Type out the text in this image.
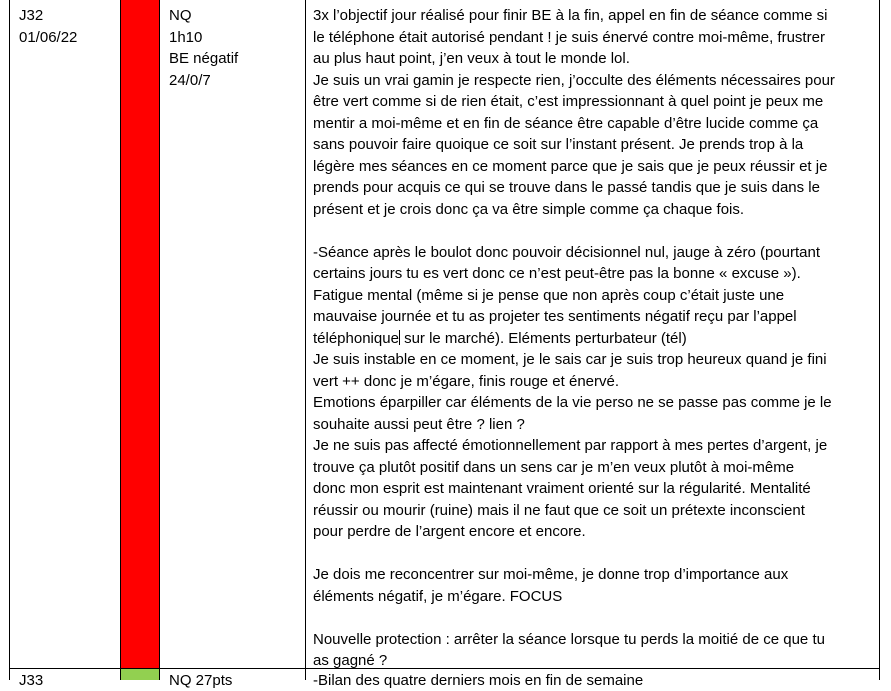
J32
01/06/22
NQ
1h10
BE négatif
24/0/7
3x l’objectif jour réalisé pour finir BE à la fin, appel en fin de séance comme si
le téléphone était autorisé pendant ! je suis énervé contre moi-même, frustrer
au plus haut point, j’en veux à tout le monde lol.
Je suis un vrai gamin je respecte rien, j’occulte des éléments nécessaires pour
être vert comme si de rien était, c’est impressionnant à quel point je peux me
mentir a moi-même et en fin de séance être capable d’être lucide comme ça
sans pouvoir faire quoique ce soit sur l’instant présent. Je prends trop à la
légère mes séances en ce moment parce que je sais que je peux réussir et je
prends pour acquis ce qui se trouve dans le passé tandis que je suis dans le
présent et je crois donc ça va être simple comme ça chaque fois.
-Séance après le boulot donc pouvoir décisionnel nul, jauge à zéro (pourtant
certains jours tu es vert donc ce n’est peut-être pas la bonne « excuse »).
Fatigue mental (même si je pense que non après coup c’était juste une
mauvaise journée et tu as projeter tes sentiments négatif reçu par l’appel
téléphonique sur le marché). Eléments perturbateur (tél)
Je suis instable en ce moment, je le sais car je suis trop heureux quand je fini
vert ++ donc je m’égare, finis rouge et énervé.
Emotions éparpiller car éléments de la vie perso ne se passe pas comme je le
souhaite aussi peut être ? lien ?
Je ne suis pas affecté émotionnellement par rapport à mes pertes d’argent, je
trouve ça plutôt positif dans un sens car je m’en veux plutôt à moi-même
donc mon esprit est maintenant vraiment orienté sur la régularité. Mentalité
réussir ou mourir (ruine) mais il ne faut que ce soit un prétexte inconscient
pour perdre de l’argent encore et encore.
Je dois me reconcentrer sur moi-même, je donne trop d’importance aux
éléments négatif, je m’égare. FOCUS
Nouvelle protection : arrêter la séance lorsque tu perds la moitié de ce que tu
as gagné ?
J33	NQ 27pts	-Bilan des quatre derniers mois en fin de semaine
